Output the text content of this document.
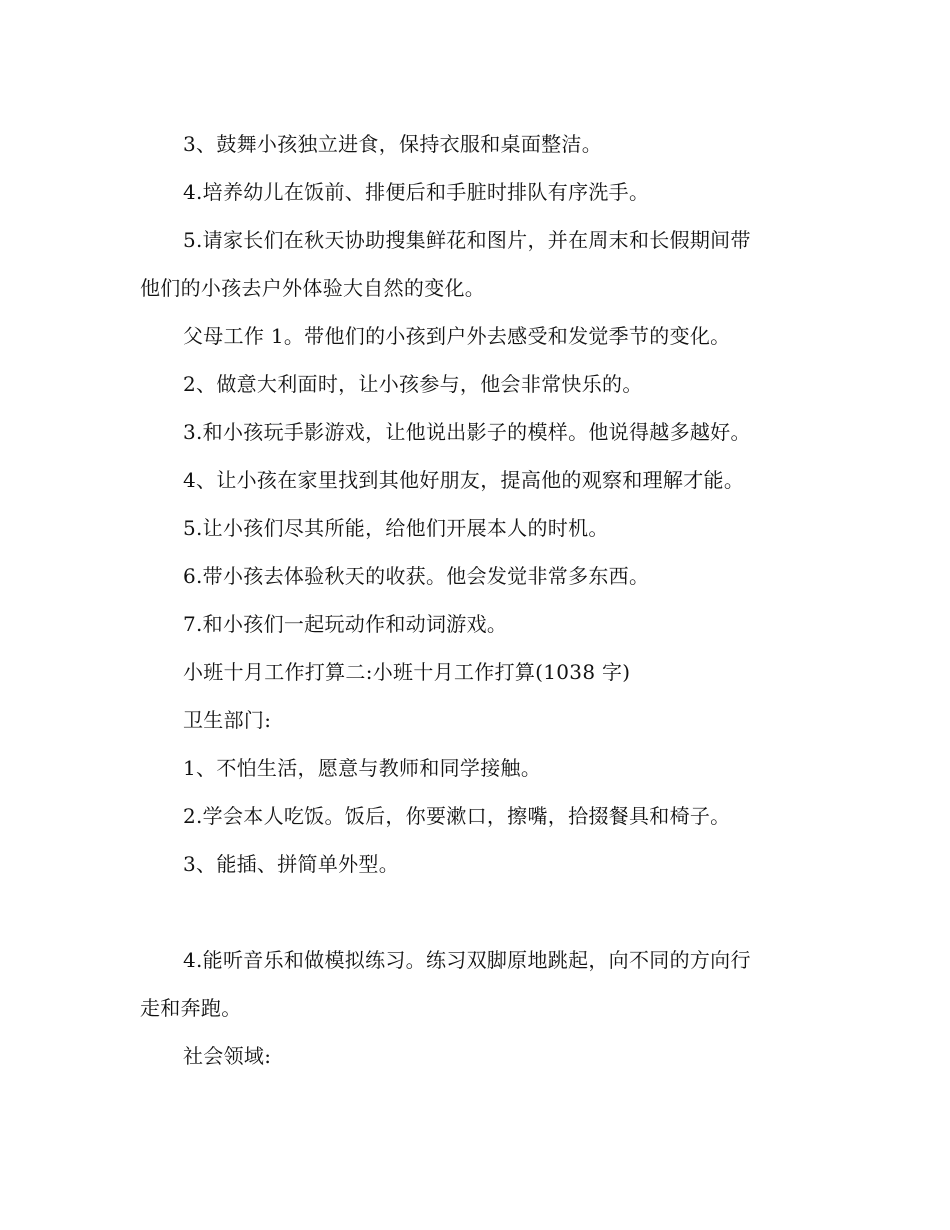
3、鼓舞小孩独立进食，保持衣服和桌面整洁。
4.培养幼儿在饭前、排便后和手脏时排队有序洗手。
5.请家长们在秋天协助搜集鲜花和图片，并在周末和长假期间带
他们的小孩去户外体验大自然的变化。
父母工作 1。带他们的小孩到户外去感受和发觉季节的变化。
2、做意大利面时，让小孩参与，他会非常快乐的。
3.和小孩玩手影游戏，让他说出影子的模样。他说得越多越好。
4、让小孩在家里找到其他好朋友，提高他的观察和理解才能。
5.让小孩们尽其所能，给他们开展本人的时机。
6.带小孩去体验秋天的收获。他会发觉非常多东西。
7.和小孩们一起玩动作和动词游戏。
小班十月工作打算二:小班十月工作打算(1038 字)
卫生部门:
1、不怕生活，愿意与教师和同学接触。
2.学会本人吃饭。饭后，你要漱口，擦嘴，拾掇餐具和椅子。
3、能插、拼简单外型。
4.能听音乐和做模拟练习。练习双脚原地跳起，向不同的方向行
走和奔跑。
社会领域:
